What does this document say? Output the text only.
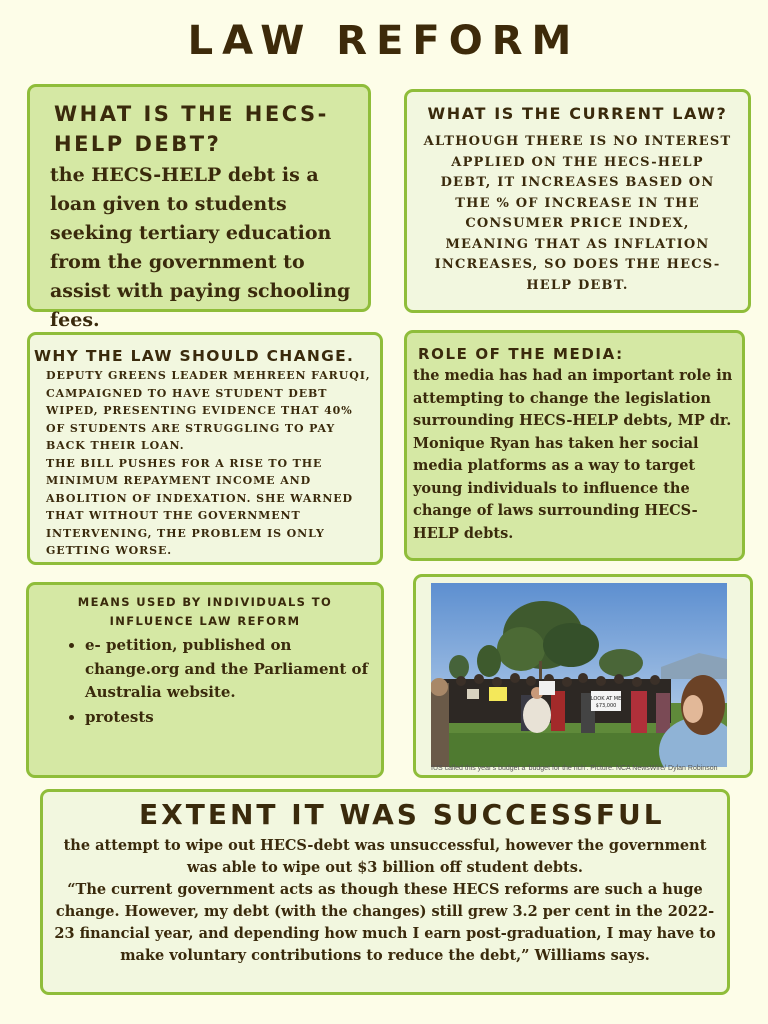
LAW REFORM
WHAT IS THE HECS-HELP DEBT?
the HECS-HELP debt is a loan given to students seeking tertiary education from the government to assist with paying schooling fees.
WHAT IS THE CURRENT LAW?
ALTHOUGH THERE IS NO INTEREST APPLIED ON THE HECS-HELP DEBT, IT INCREASES BASED ON THE % OF INCREASE IN THE CONSUMER PRICE INDEX, MEANING THAT AS INFLATION INCREASES, SO DOES THE HECS-HELP DEBT.
WHY THE LAW SHOULD CHANGE.
DEPUTY GREENS LEADER MEHREEN FARUQI, CAMPAIGNED TO HAVE STUDENT DEBT WIPED, PRESENTING EVIDENCE THAT 40% OF STUDENTS ARE STRUGGLING TO PAY BACK THEIR LOAN.
THE BILL PUSHES FOR A RISE TO THE MINIMUM REPAYMENT INCOME AND ABOLITION OF INDEXATION. SHE WARNED THAT WITHOUT THE GOVERNMENT INTERVENING, THE PROBLEM IS ONLY GETTING WORSE.
ROLE OF THE MEDIA:
the media has had an important role in attempting to change the legislation surrounding HECS-HELP debts, MP dr. Monique Ryan has taken her social media platforms as a way to target young individuals to influence the change of laws surrounding HECS-HELP debts.
MEANS USED BY INDIVIDUALS TO INFLUENCE LAW REFORM
• e- petition, published on change.org and the Parliament of Australia website.
• protests
LOOK AT ME
$73,000
IUS called this year's budget a 'budget for the rich'. Picture: NCA NewsWire/ Dylan Robinson
EXTENT IT WAS SUCCESSFUL
the attempt to wipe out HECS-debt was unsuccessful, however the government was able to wipe out $3 billion off student debts.
“The current government acts as though these HECS reforms are such a huge change. However, my debt (with the changes) still grew 3.2 per cent in the 2022-23 financial year, and depending how much I earn post-graduation, I may have to make voluntary contributions to reduce the debt,” Williams says.
